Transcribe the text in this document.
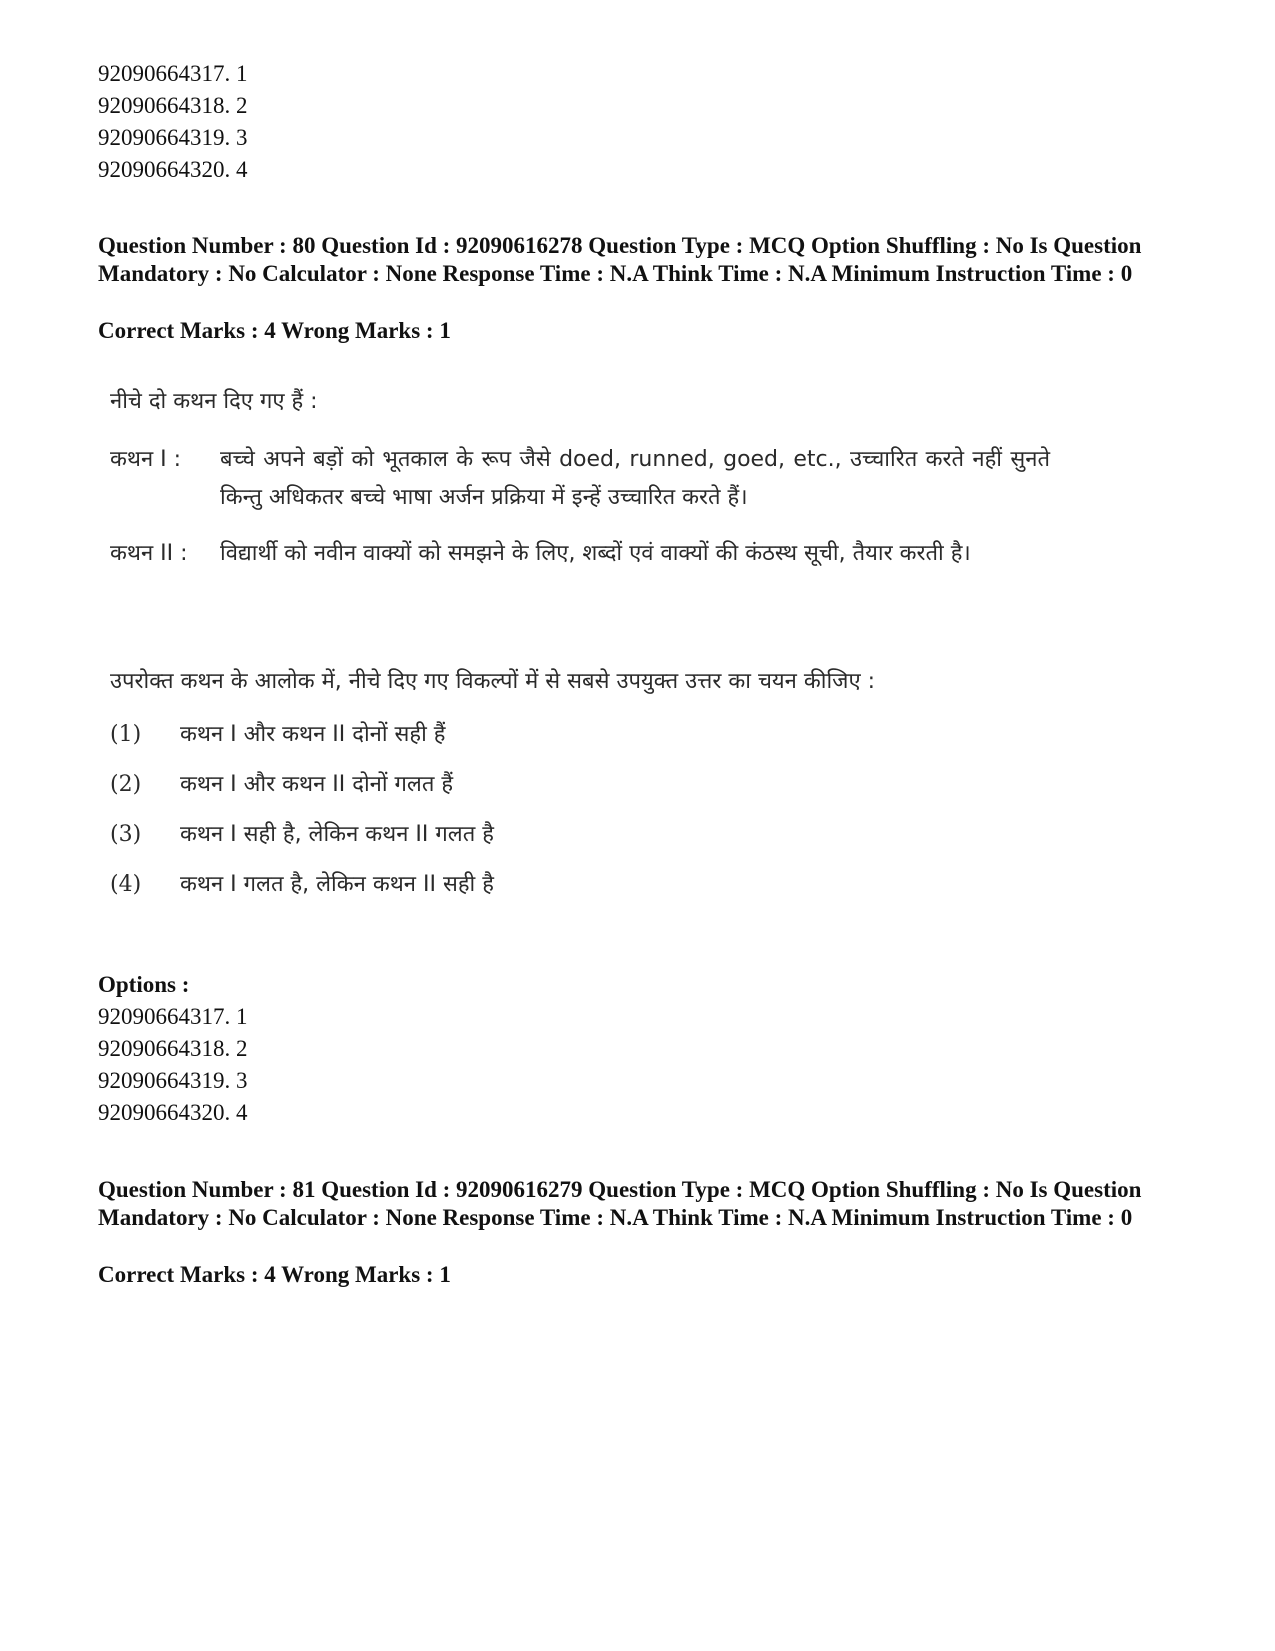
92090664317. 1
92090664318. 2
92090664319. 3
92090664320. 4

Question Number : 80 Question Id : 92090616278 Question Type : MCQ Option Shuffling : No Is Question Mandatory : No Calculator : None Response Time : N.A Think Time : N.A Minimum Instruction Time : 0

Correct Marks : 4 Wrong Marks : 1
नीचे दो कथन दिए गए हैं :
कथन I : बच्चे अपने बड़ों को भूतकाल के रूप जैसे doed, runned, goed, etc., उच्चारित करते नहीं सुनते किन्तु अधिकतर बच्चे भाषा अर्जन प्रक्रिया में इन्हें उच्चारित करते हैं।
कथन II : विद्यार्थी को नवीन वाक्यों को समझने के लिए, शब्दों एवं वाक्यों की कंठस्थ सूची, तैयार करती है।
उपरोक्त कथन के आलोक में, नीचे दिए गए विकल्पों में से सबसे उपयुक्त उत्तर का चयन कीजिए :
(1) कथन I और कथन II दोनों सही हैं
(2) कथन I और कथन II दोनों गलत हैं
(3) कथन I सही है, लेकिन कथन II गलत है
(4) कथन I गलत है, लेकिन कथन II सही है
Options :
92090664317. 1
92090664318. 2
92090664319. 3
92090664320. 4

Question Number : 81 Question Id : 92090616279 Question Type : MCQ Option Shuffling : No Is Question Mandatory : No Calculator : None Response Time : N.A Think Time : N.A Minimum Instruction Time : 0

Correct Marks : 4 Wrong Marks : 1
